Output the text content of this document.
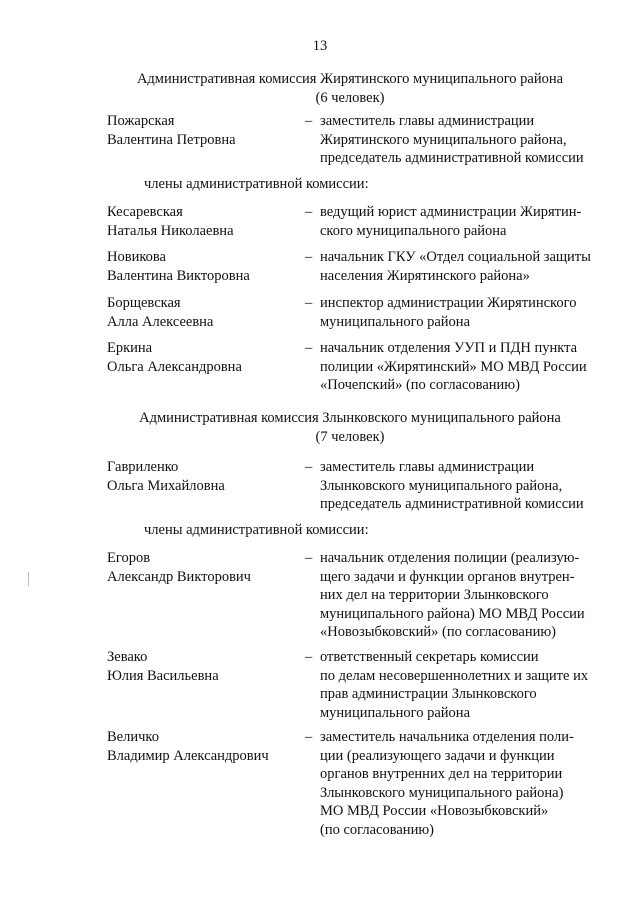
13
Административная комиссия Жирятинского муниципального района
(6 человек)
Пожарская
Валентина Петровна
– заместитель главы администрации
Жирятинского муниципального района,
председатель административной комиссии
члены административной комиссии:
Кесаревская
Наталья Николаевна
– ведущий юрист администрации Жирятин-
ского муниципального района
Новикова
Валентина Викторовна
– начальник ГКУ «Отдел социальной защиты
населения Жирятинского района»
Борщевская
Алла Алексеевна
– инспектор администрации Жирятинского
муниципального района
Еркина
Ольга Александровна
– начальник отделения УУП и ПДН пункта
полиции «Жирятинский» МО МВД России
«Почепский» (по согласованию)
Административная комиссия Злынковского муниципального района
(7 человек)
Гавриленко
Ольга Михайловна
– заместитель главы администрации
Злынковского муниципального района,
председатель административной комиссии
члены административной комиссии:
Егоров
Александр Викторович
– начальник отделения полиции (реализую-
щего задачи и функции органов внутрен-
них дел на территории Злынковского
муниципального района) МО МВД России
«Новозыбковский» (по согласованию)
Зевако
Юлия Васильевна
– ответственный секретарь комиссии
по делам несовершеннолетних и защите их
прав администрации Злынковского
муниципального района
Величко
Владимир Александрович
– заместитель начальника отделения поли-
ции (реализующего задачи и функции
органов внутренних дел на территории
Злынковского муниципального района)
МО МВД России «Новозыбковский»
(по согласованию)
